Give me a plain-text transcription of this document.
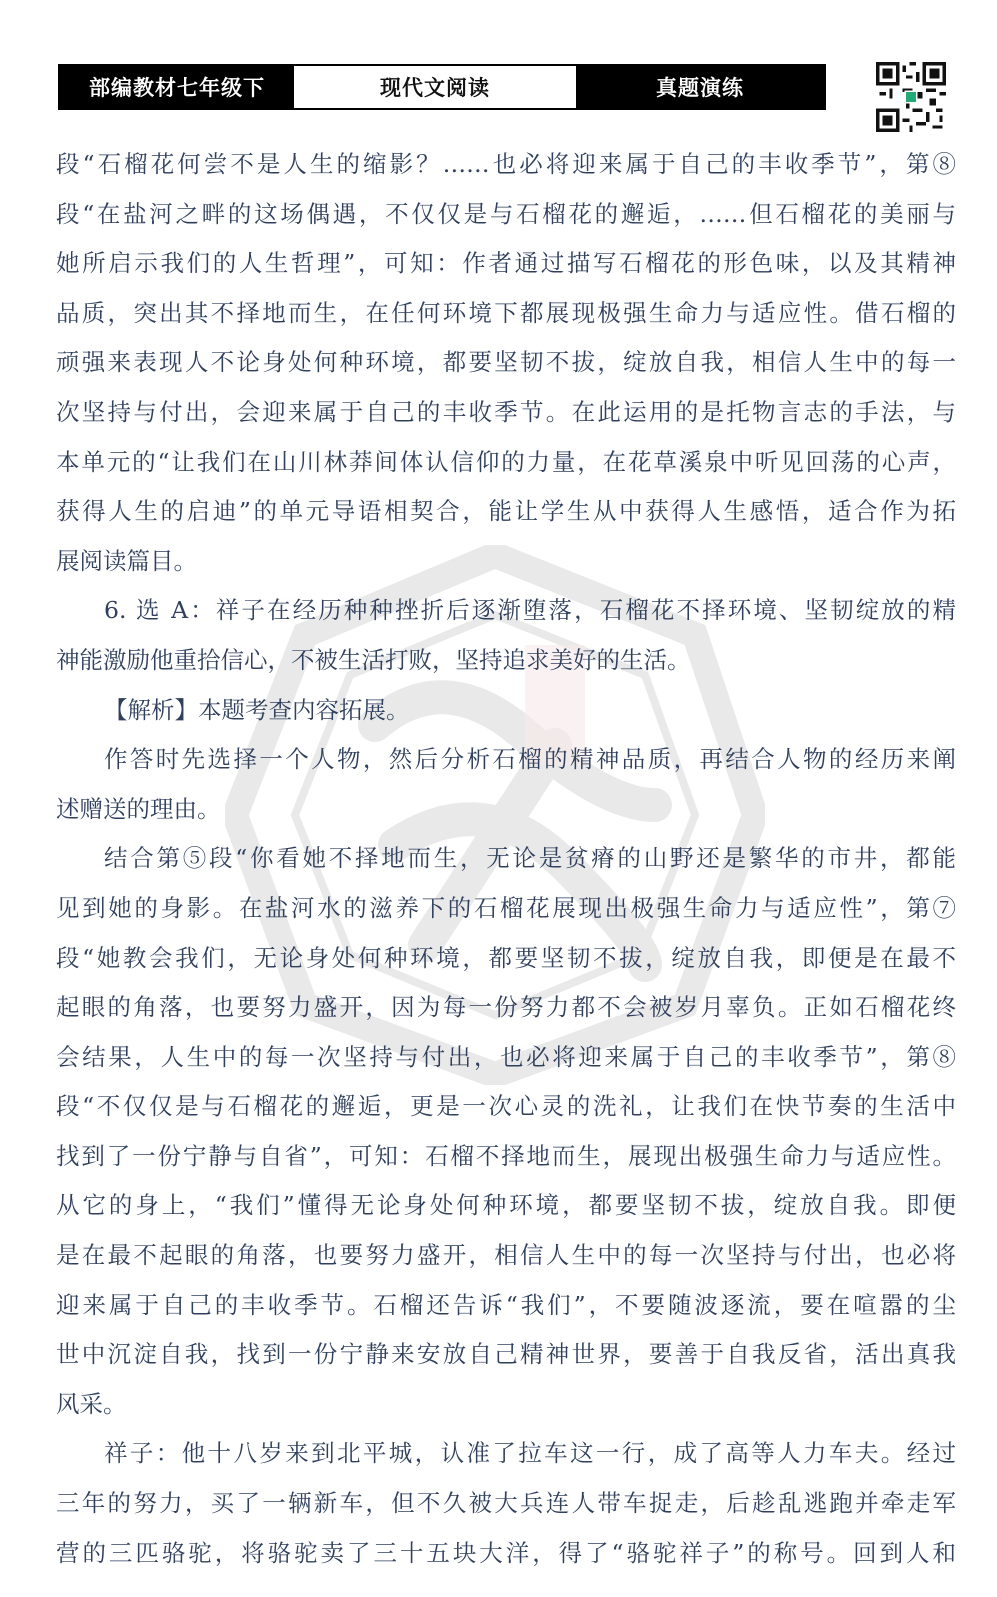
部编教材七年级下	现代文阅读	真题演练
段“石榴花何尝不是人生的缩影？……也必将迎来属于自己的丰收季节”，第⑧
段“在盐河之畔的这场偶遇，不仅仅是与石榴花的邂逅，……但石榴花的美丽与
她所启示我们的人生哲理”，可知：作者通过描写石榴花的形色味，以及其精神
品质，突出其不择地而生，在任何环境下都展现极强生命力与适应性。借石榴的
顽强来表现人不论身处何种环境，都要坚韧不拔，绽放自我，相信人生中的每一
次坚持与付出，会迎来属于自己的丰收季节。在此运用的是托物言志的手法，与
本单元的“让我们在山川林莽间体认信仰的力量，在花草溪泉中听见回荡的心声，
获得人生的启迪”的单元导语相契合，能让学生从中获得人生感悟，适合作为拓
展阅读篇目。
6. 选 A：祥子在经历种种挫折后逐渐堕落，石榴花不择环境、坚韧绽放的精
神能激励他重拾信心，不被生活打败，坚持追求美好的生活。
【解析】本题考查内容拓展。
作答时先选择一个人物，然后分析石榴的精神品质，再结合人物的经历来阐
述赠送的理由。
结合第⑤段“你看她不择地而生，无论是贫瘠的山野还是繁华的市井，都能
见到她的身影。在盐河水的滋养下的石榴花展现出极强生命力与适应性”，第⑦
段“她教会我们，无论身处何种环境，都要坚韧不拔，绽放自我，即便是在最不
起眼的角落，也要努力盛开，因为每一份努力都不会被岁月辜负。正如石榴花终
会结果，人生中的每一次坚持与付出，也必将迎来属于自己的丰收季节”，第⑧
段“不仅仅是与石榴花的邂逅，更是一次心灵的洗礼，让我们在快节奏的生活中
找到了一份宁静与自省”，可知：石榴不择地而生，展现出极强生命力与适应性。
从它的身上，“我们”懂得无论身处何种环境，都要坚韧不拔，绽放自我。即便
是在最不起眼的角落，也要努力盛开，相信人生中的每一次坚持与付出，也必将
迎来属于自己的丰收季节。石榴还告诉“我们”，不要随波逐流，要在喧嚣的尘
世中沉淀自我，找到一份宁静来安放自己精神世界，要善于自我反省，活出真我
风采。
祥子：他十八岁来到北平城，认准了拉车这一行，成了高等人力车夫。经过
三年的努力，买了一辆新车，但不久被大兵连人带车捉走，后趁乱逃跑并牵走军
营的三匹骆驼，将骆驼卖了三十五块大洋，得了“骆驼祥子”的称号。回到人和
